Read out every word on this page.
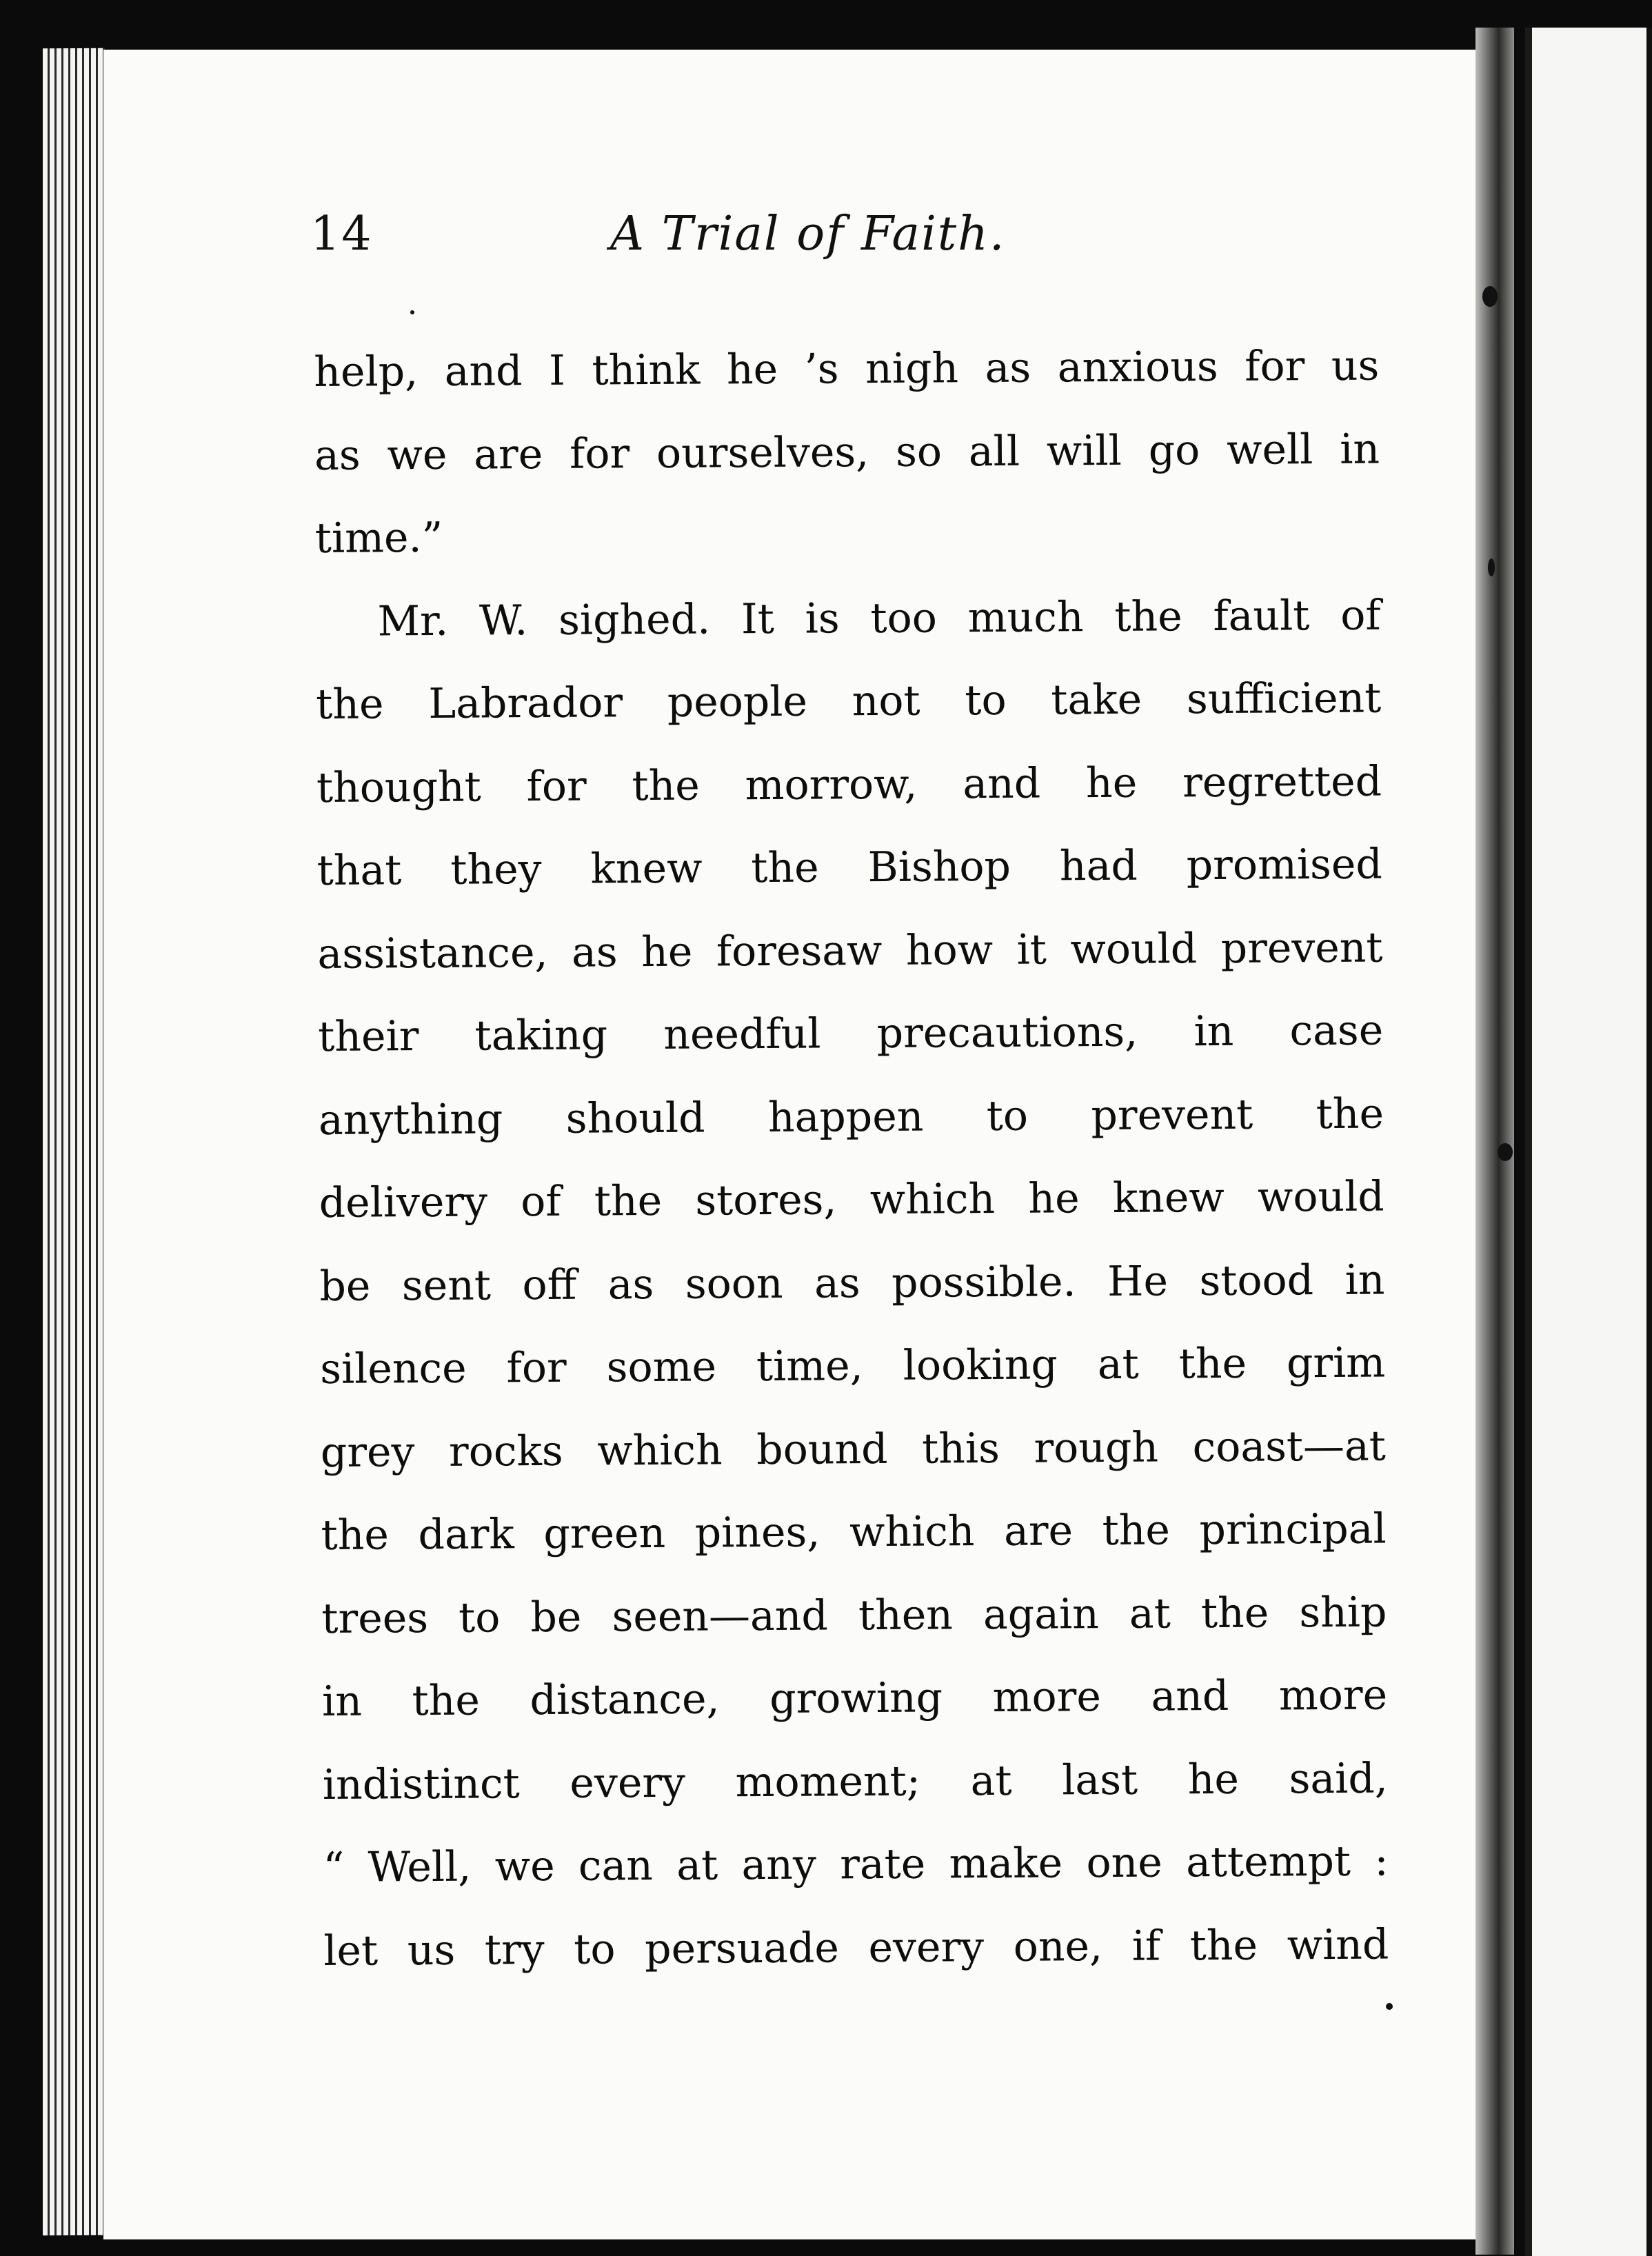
14	A Trial of Faith.
help, and I think he ’s nigh as anxious for us
as we are for ourselves, so all will go well in
time.”
Mr. W. sighed. It is too much the fault of
the Labrador people not to take sufficient
thought for the morrow, and he regretted
that they knew the Bishop had promised
assistance, as he foresaw how it would prevent
their taking needful precautions, in case
anything should happen to prevent the
delivery of the stores, which he knew would
be sent off as soon as possible. He stood in
silence for some time, looking at the grim
grey rocks which bound this rough coast—at
the dark green pines, which are the principal
trees to be seen—and then again at the ship
in the distance, growing more and more
indistinct every moment; at last he said,
“ Well, we can at any rate make one attempt :
let us try to persuade every one, if the wind
